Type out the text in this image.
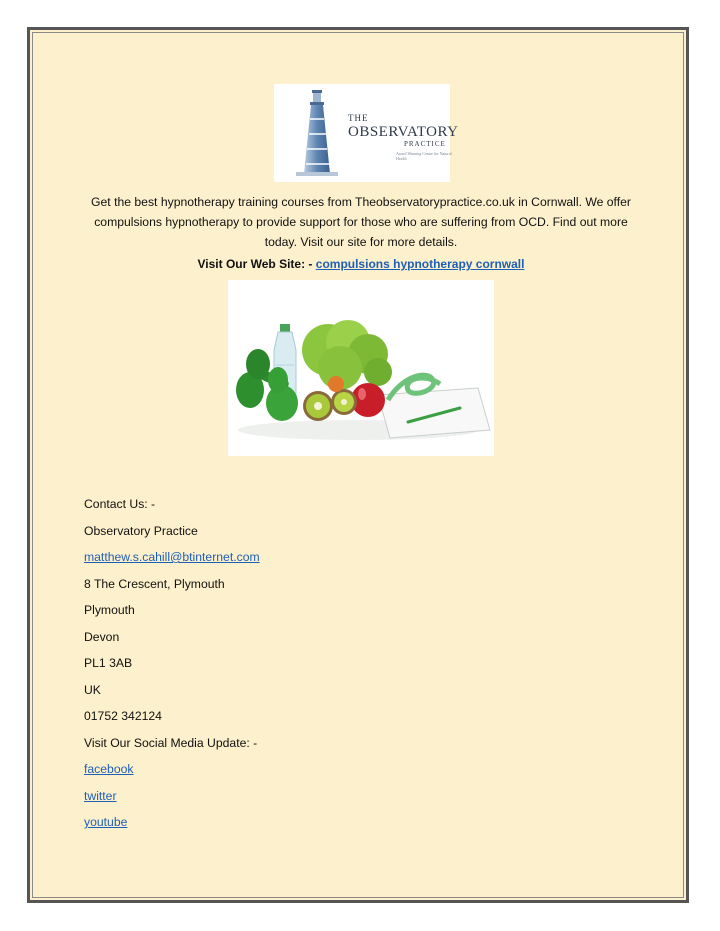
THE
OBSERVATORY
PRACTICE
Award Winning Centre for Natural Health
Get the best hypnotherapy training courses from Theobservatorypractice.co.uk in Cornwall. We offer compulsions hypnotherapy to provide support for those who are suffering from OCD. Find out more today. Visit our site for more details.
Visit Our Web Site: - compulsions hypnotherapy cornwall
Contact Us: -
Observatory Practice
matthew.s.cahill@btinternet.com
8 The Crescent, Plymouth
Plymouth
Devon
PL1 3AB
UK
01752 342124
Visit Our Social Media Update: -
facebook
twitter
youtube
